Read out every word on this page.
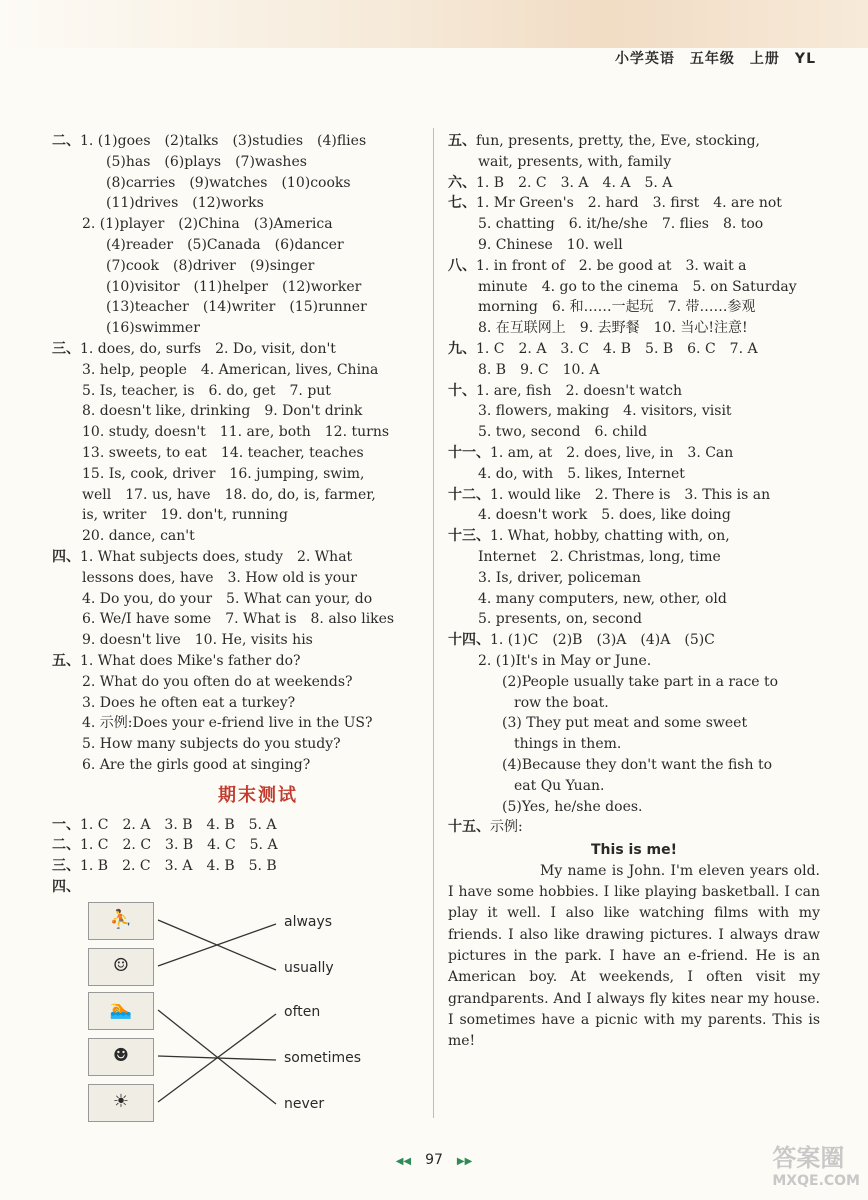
小学英语　五年级　上册　YL
二、 1. (1)goes　(2)talks　(3)studies　(4)flies
(5)has　(6)plays　(7)washes
(8)carries　(9)watches　(10)cooks
(11)drives　(12)works
2. (1)player　(2)China　(3)America
(4)reader　(5)Canada　(6)dancer
(7)cook　(8)driver　(9)singer
(10)visitor　(11)helper　(12)worker
(13)teacher　(14)writer　(15)runner
(16)swimmer
三、 1. does, do, surfs　2. Do, visit, don't
3. help, people　4. American, lives, China
5. Is, teacher, is　6. do, get　7. put
8. doesn't like, drinking　9. Don't drink
10. study, doesn't　11. are, both　12. turns
13. sweets, to eat　14. teacher, teaches
15. Is, cook, driver　16. jumping, swim,
well　17. us, have　18. do, do, is, farmer,
is, writer　19. don't, running
20. dance, can't
四、 1. What subjects does, study　2. What
lessons does, have　3. How old is your
4. Do you, do your　5. What can your, do
6. We/I have some　7. What is　8. also likes
9. doesn't live　10. He, visits his
五、 1. What does Mike's father do?
2. What do you often do at weekends?
3. Does he often eat a turkey?
4. 示例:Does your e-friend live in the US?
5. How many subjects do you study?
6. Are the girls good at singing?
期末测试
一、 1. C　2. A　3. B　4. B　5. A
二、 1. C　2. C　3. B　4. C　5. A
三、 1. B　2. C　3. A　4. B　5. B
四、
⛹
☺
🏊
☻
☀
always
usually
often
sometimes
never
五、 fun, presents, pretty, the, Eve, stocking,
wait, presents, with, family
六、 1. B　2. C　3. A　4. A　5. A
七、 1. Mr Green's　2. hard　3. first　4. are not
5. chatting　6. it/he/she　7. flies　8. too
9. Chinese　10. well
八、 1. in front of　2. be good at　3. wait a
minute　4. go to the cinema　5. on Saturday
morning　6. 和……一起玩　7. 带……参观
8. 在互联网上　9. 去野餐　10. 当心!注意!
九、 1. C　2. A　3. C　4. B　5. B　6. C　7. A
8. B　9. C　10. A
十、 1. are, fish　2. doesn't watch
3. flowers, making　4. visitors, visit
5. two, second　6. child
十一、 1. am, at　2. does, live, in　3. Can
4. do, with　5. likes, Internet
十二、 1. would like　2. There is　3. This is an
4. doesn't work　5. does, like doing
十三、 1. What, hobby, chatting with, on,
Internet　2. Christmas, long, time
3. Is, driver, policeman
4. many computers, new, other, old
5. presents, on, second
十四、 1. (1)C　(2)B　(3)A　(4)A　(5)C
2. (1)It's in May or June.
(2)People usually take part in a race to
row the boat.
(3) They put meat and some sweet
things in them.
(4)Because they don't want the fish to
eat Qu Yuan.
(5)Yes, he/she does.
十五、 示例:
This is me!

My name is John. I'm eleven years old. I have some hobbies. I like playing basketball. I can play it well. I also like watching films with my friends. I also like drawing pictures. I always draw pictures in the park. I have an e-friend. He is an American boy. At weekends, I often visit my grandparents. And I always fly kites near my house. I sometimes have a picnic with my parents. This is me!

◀◀ 97 ▶▶	答案圈
MXQE.COM
